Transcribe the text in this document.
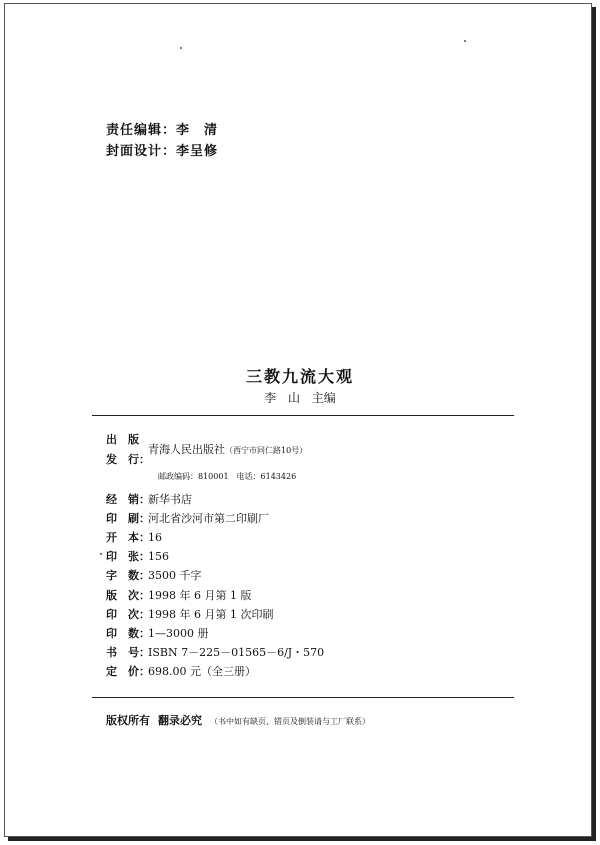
责任编辑：李　清
封面设计：李呈修
三教九流大观
李 山 主编
出　版
青海人民出版社（西宁市同仁路10号）
发　行：
邮政编码：810001　电话：6143426
经　销：新华书店
印　刷：河北省沙河市第二印刷厂
开　本：16
印　张：156
字　数：3500 千字
版　次：1998 年 6 月第 1 版
印　次：1998 年 6 月第 1 次印刷
印　数：1—3000 册
书　号：ISBN 7－225－01565－6/J・570
定　价：698.00 元（全三册）
版权所有 翻录必究 （书中如有缺页、错页及倒装请与工厂联系）
